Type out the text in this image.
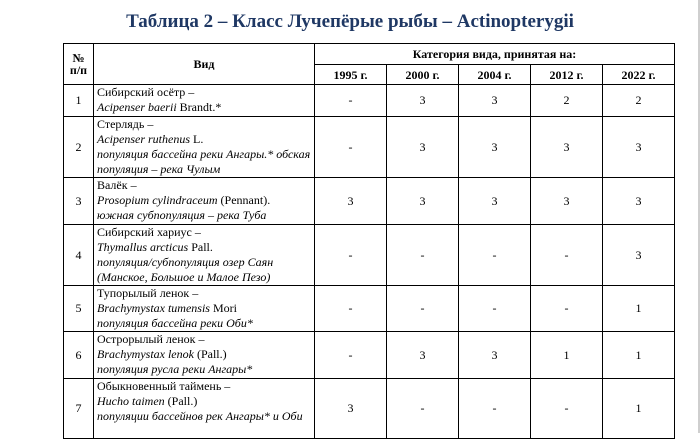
Таблица 2 – Класс Лучепёрые рыбы – Actinopterygii
№ п/п	Вид	Категория вида, принятая на:				
		1995 г.	2000 г.	2004 г.	2012 г.	2022 г.
1	Сибирский осётр –
Acipenser baerii Brandt.*	-	3	3	2	2
2	Стерлядь –
Acipenser ruthenus L.
популяция бассейна реки Ангары.* обская популяция – река Чулым	-	3	3	3	3
3	Валёк –
Prosopium cylindraceum (Pennant).
южная субпопуляция – река Туба	3	3	3	3	3
4	Сибирский хариус –
Thymallus arcticus Pall.
популяция/субпопуляция озер Саян (Манское, Большое и Малое Пезо)	-	-	-	-	3
5	Тупорылый ленок –
Brachymystax tumensis Mori
популяция бассейна реки Оби*	-	-	-	-	1
6	Острорылый ленок –
Brachymystax lenok (Pall.)
популяция русла реки Ангары*	-	3	3	1	1
7	Обыкновенный таймень –
Hucho taimen (Pall.)
популяции бассейнов рек Ангары* и Оби	3	-	-	-	1
